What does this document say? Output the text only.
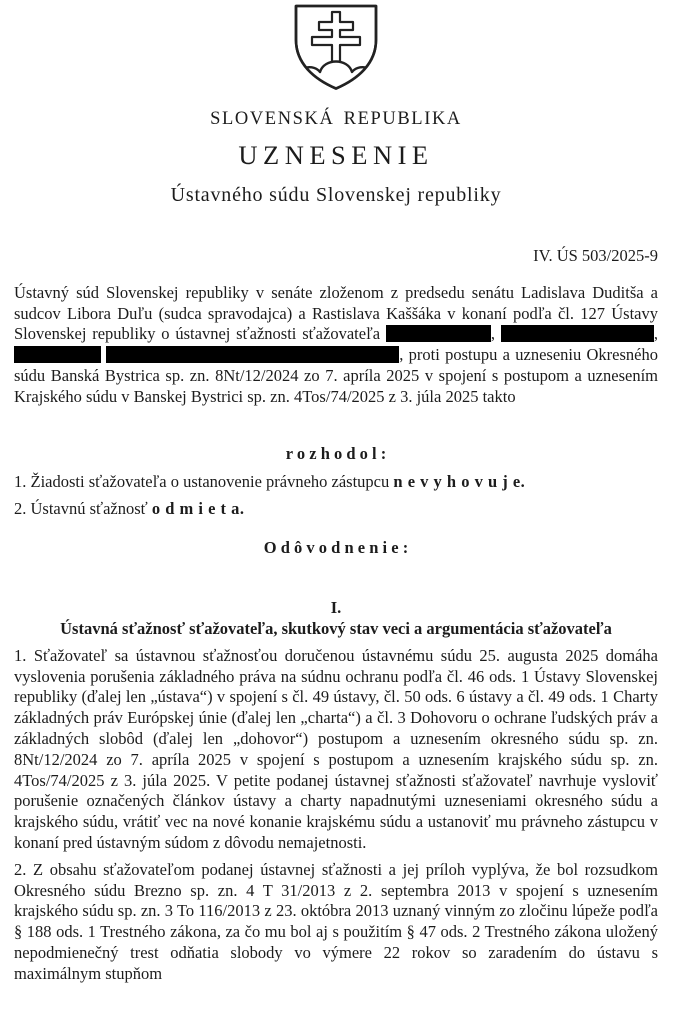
SLOVENSKÁ REPUBLIKA
UZNESENIE
Ústavného súdu Slovenskej republiky
IV. ÚS 503/2025-9
Ústavný súd Slovenskej republiky v senáte zloženom z predsedu senátu Ladislava Duditša a sudcov Libora Duľu (sudca spravodajca) a Rastislava Kaššáka v konaní podľa čl. 127 Ústavy Slovenskej republiky o ústavnej sťažnosti sťažovateľa	,	,  , proti postupu a uzneseniu Okresného súdu Banská Bystrica sp. zn. 8Nt/12/2024 zo 7. apríla 2025 v spojení s postupom a uznesením Krajského súdu v Banskej Bystrici sp. zn. 4Tos/74/2025 z 3. júla 2025 takto
r o z h o d o l :
1. Žiadosti sťažovateľa o ustanovenie právneho zástupcu n e v y h o v u j e.
2. Ústavnú sťažnosť o d m i e t a.
O d ô v o d n e n i e :
I.
Ústavná sťažnosť sťažovateľa, skutkový stav veci a argumentácia sťažovateľa
1. Sťažovateľ sa ústavnou sťažnosťou doručenou ústavnému súdu 25. augusta 2025 domáha vyslovenia porušenia základného práva na súdnu ochranu podľa čl. 46 ods. 1 Ústavy Slovenskej republiky (ďalej len „ústava“) v spojení s čl. 49 ústavy, čl. 50 ods. 6 ústavy a čl. 49 ods. 1 Charty základných práv Európskej únie (ďalej len „charta“) a čl. 3 Dohovoru o ochrane ľudských práv a základných slobôd (ďalej len „dohovor“) postupom a uznesením okresného súdu sp. zn. 8Nt/12/2024 zo 7. apríla 2025 v spojení s postupom a uznesením krajského súdu sp. zn. 4Tos/74/2025 z 3. júla 2025. V petite podanej ústavnej sťažnosti sťažovateľ navrhuje vysloviť porušenie označených článkov ústavy a charty napadnutými uzneseniami okresného súdu a krajského súdu, vrátiť vec na nové konanie krajskému súdu a ustanoviť mu právneho zástupcu v konaní pred ústavným súdom z dôvodu nemajetnosti.
2. Z obsahu sťažovateľom podanej ústavnej sťažnosti a jej príloh vyplýva, že bol rozsudkom Okresného súdu Brezno sp. zn. 4 T 31/2013 z 2. septembra 2013 v spojení s uznesením krajského súdu sp. zn. 3 To 116/2013 z 23. októbra 2013 uznaný vinným zo zločinu lúpeže podľa § 188 ods. 1 Trestného zákona, za čo mu bol aj s použitím § 47 ods. 2 Trestného zákona uložený nepodmienečný trest odňatia slobody vo výmere 22 rokov so zaradením do ústavu s maximálnym stupňom
